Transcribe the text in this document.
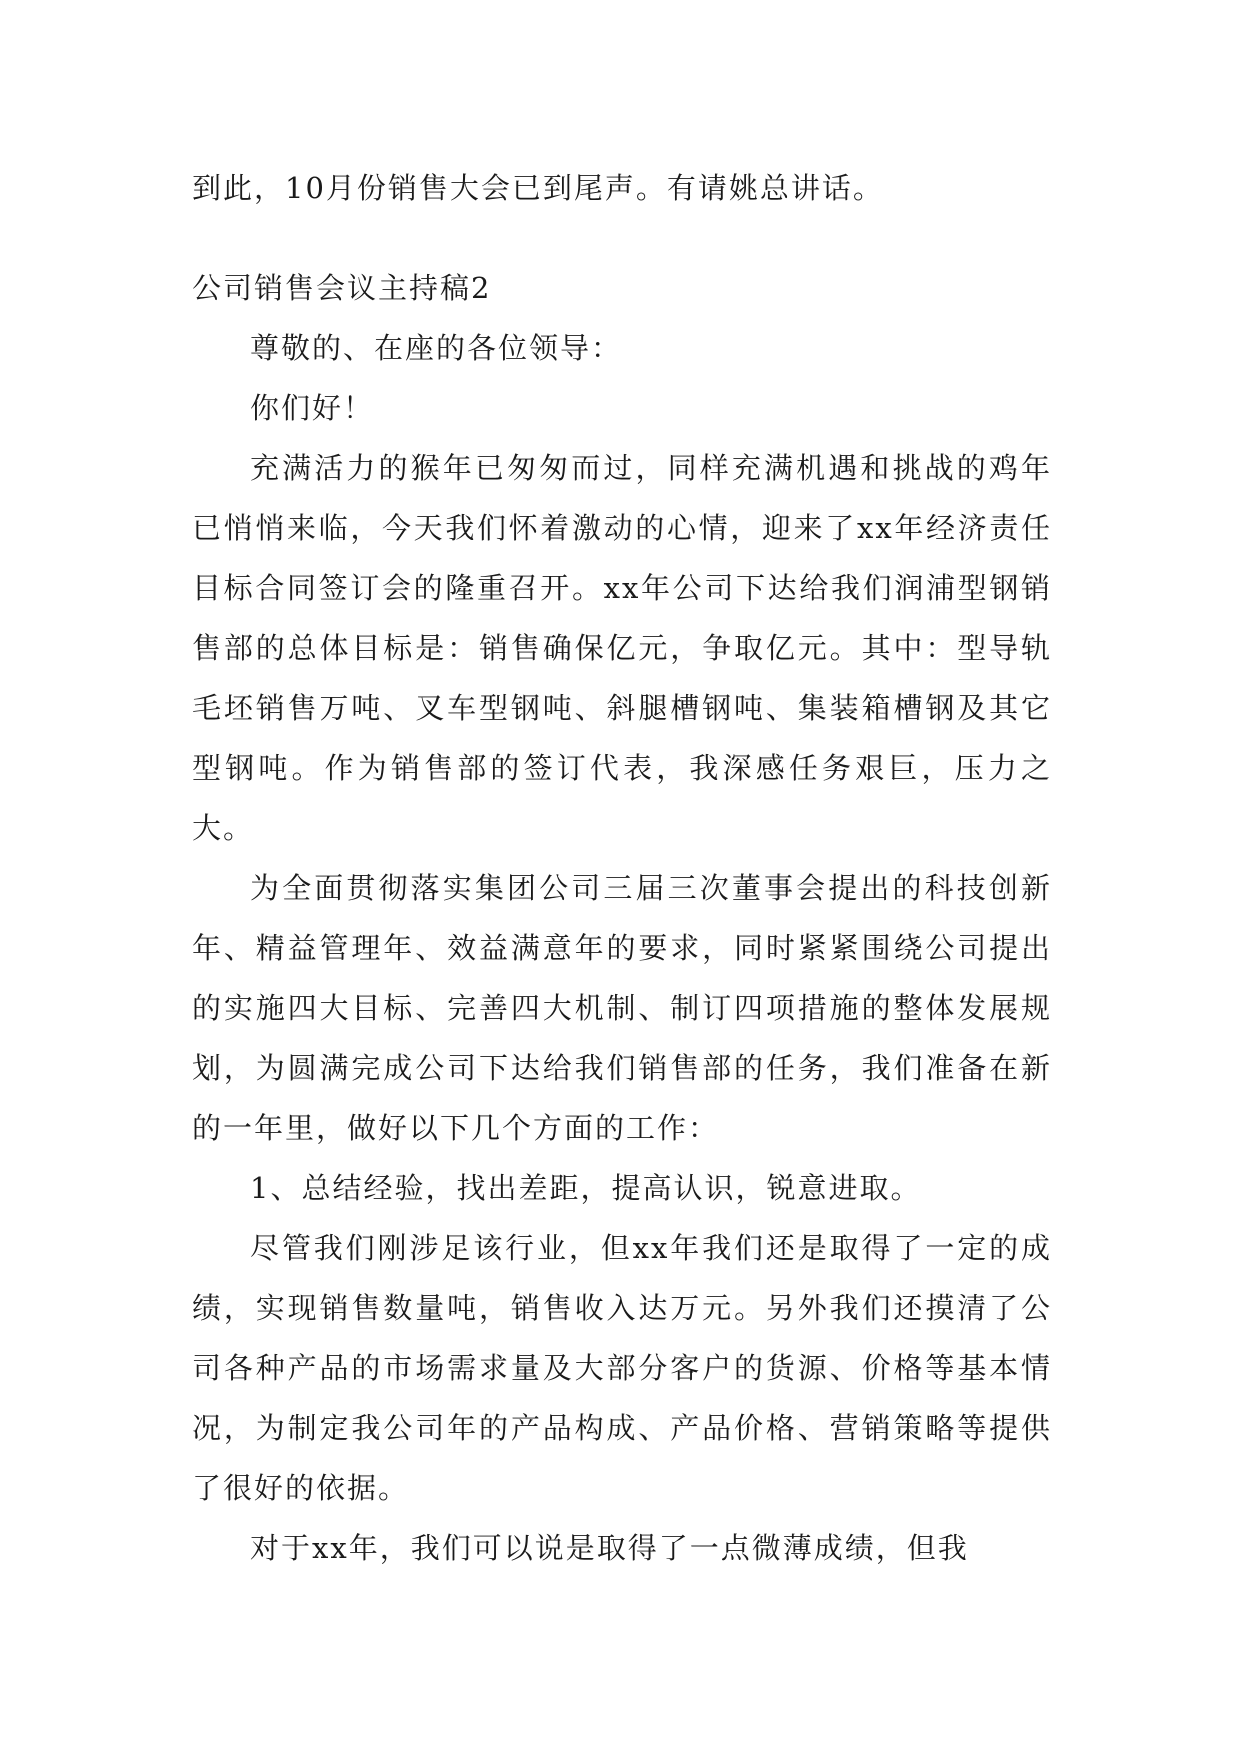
到此，10月份销售大会已到尾声。有请姚总讲话。

公司销售会议主持稿2

尊敬的、在座的各位领导：

你们好！

充满活力的猴年已匆匆而过，同样充满机遇和挑战的鸡年已悄悄来临，今天我们怀着激动的心情，迎来了xx年经济责任目标合同签订会的隆重召开。xx年公司下达给我们润浦型钢销售部的总体目标是：销售确保亿元，争取亿元。其中：型导轨毛坯销售万吨、叉车型钢吨、斜腿槽钢吨、集装箱槽钢及其它型钢吨。作为销售部的签订代表，我深感任务艰巨，压力之大。

为全面贯彻落实集团公司三届三次董事会提出的科技创新年、精益管理年、效益满意年的要求，同时紧紧围绕公司提出的实施四大目标、完善四大机制、制订四项措施的整体发展规划，为圆满完成公司下达给我们销售部的任务，我们准备在新的一年里，做好以下几个方面的工作：

1、总结经验，找出差距，提高认识，锐意进取。

尽管我们刚涉足该行业，但xx年我们还是取得了一定的成绩，实现销售数量吨，销售收入达万元。另外我们还摸清了公司各种产品的市场需求量及大部分客户的货源、价格等基本情况，为制定我公司年的产品构成、产品价格、营销策略等提供了很好的依据。

对于xx年，我们可以说是取得了一点微薄成绩，但我
